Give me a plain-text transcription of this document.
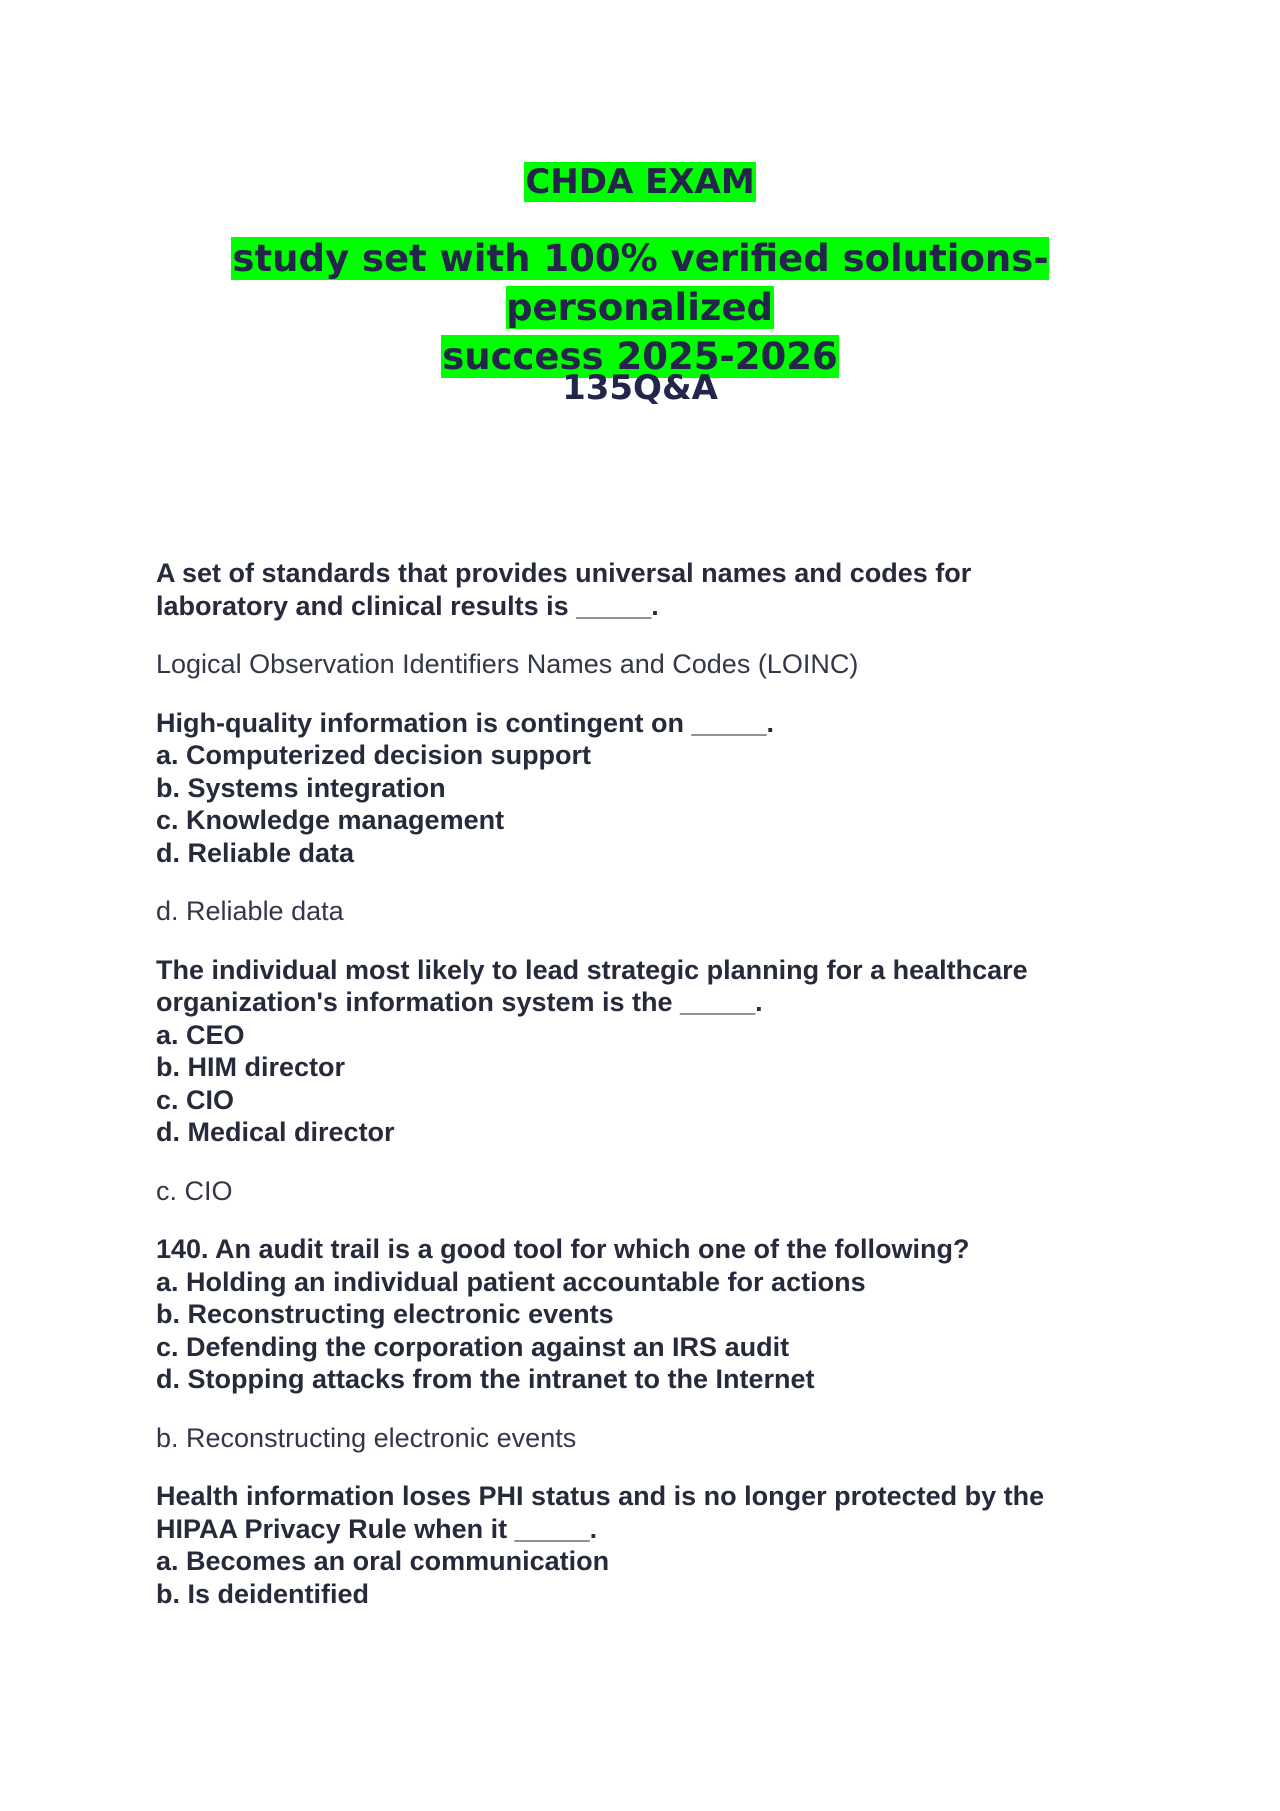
CHDA EXAM
study set with 100% verified solutions-personalized
success 2025-2026
135Q&A
A set of standards that provides universal names and codes for
laboratory and clinical results is _____.
Logical Observation Identifiers Names and Codes (LOINC)
High-quality information is contingent on _____.
a. Computerized decision support
b. Systems integration
c. Knowledge management
d. Reliable data
d. Reliable data
The individual most likely to lead strategic planning for a healthcare
organization's information system is the _____.
a. CEO
b. HIM director
c. CIO
d. Medical director
c. CIO
140. An audit trail is a good tool for which one of the following?
a. Holding an individual patient accountable for actions
b. Reconstructing electronic events
c. Defending the corporation against an IRS audit
d. Stopping attacks from the intranet to the Internet
b. Reconstructing electronic events
Health information loses PHI status and is no longer protected by the
HIPAA Privacy Rule when it _____.
a. Becomes an oral communication
b. Is deidentified
